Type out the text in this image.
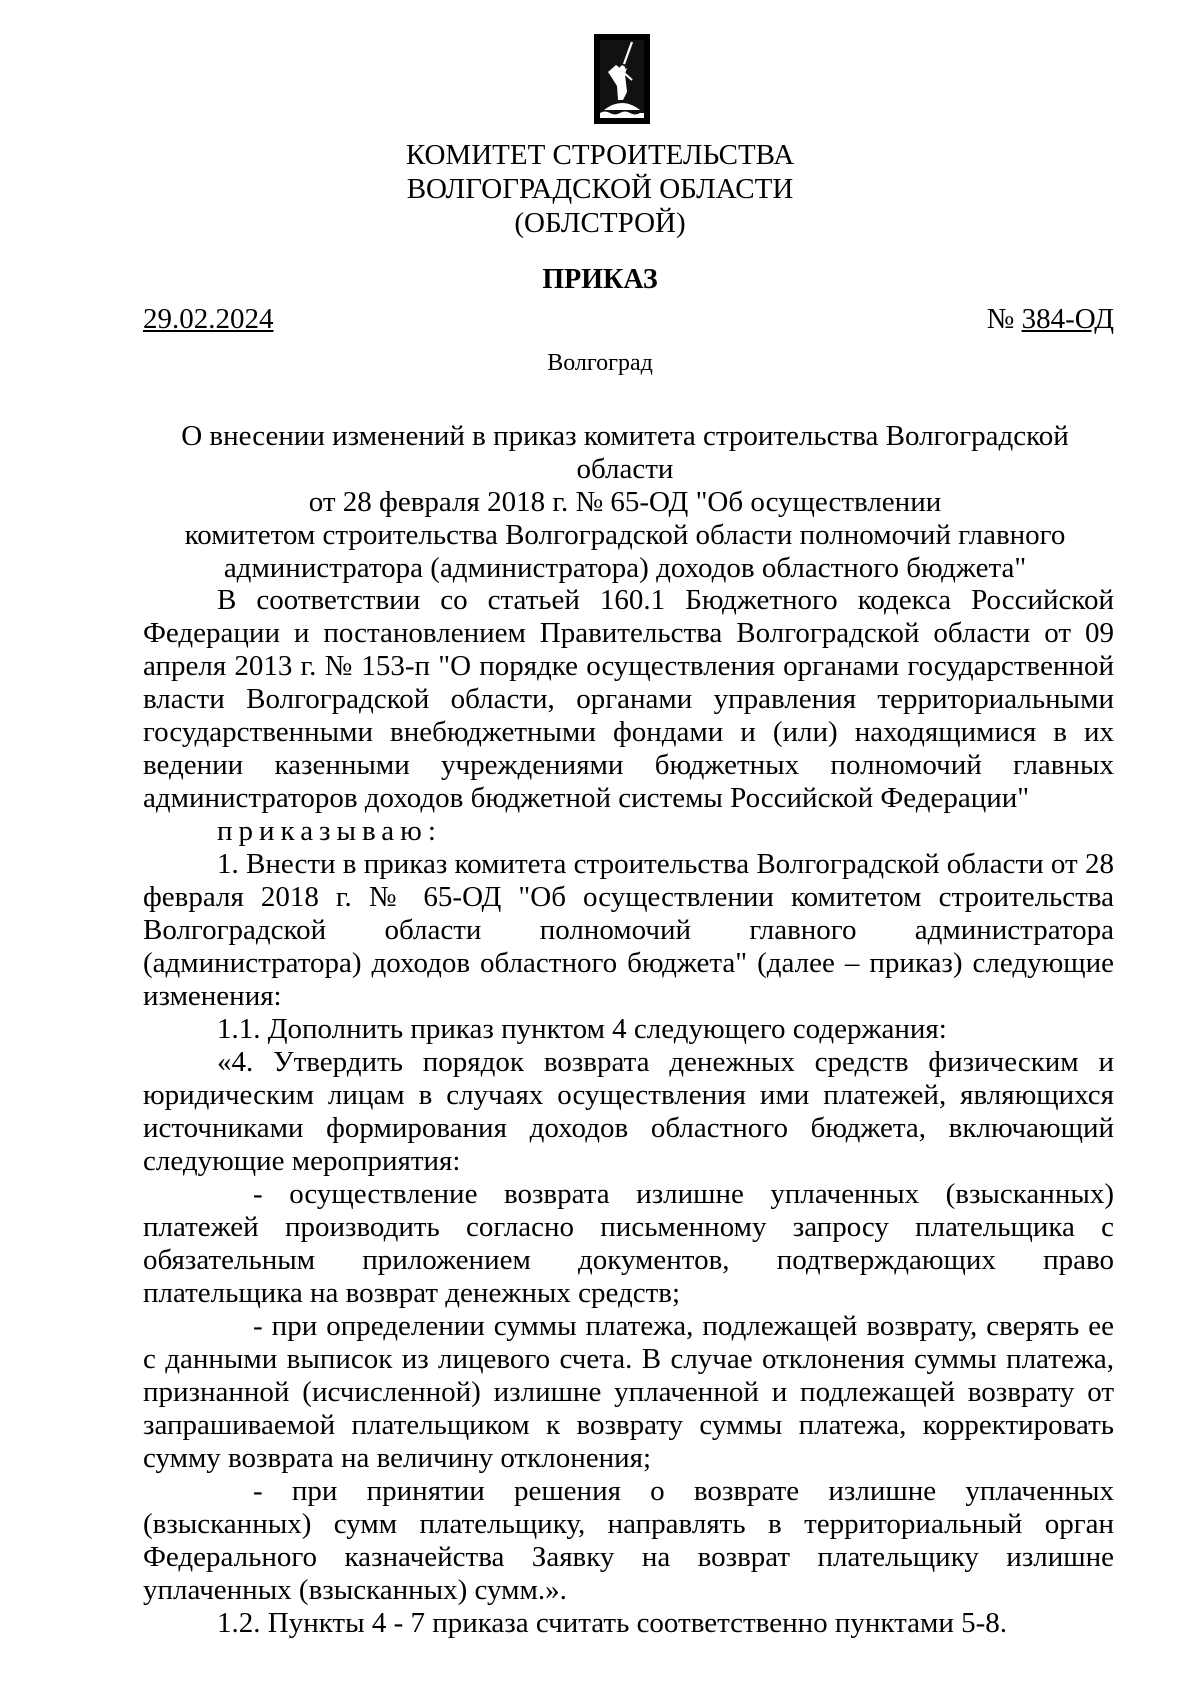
КОМИТЕТ СТРОИТЕЛЬСТВА
ВОЛГОГРАДСКОЙ ОБЛАСТИ
(ОБЛСТРОЙ)
ПРИКАЗ
29.02.2024	№ 384-ОД
Волгоград
О внесении изменений в приказ комитета строительства Волгоградской области
от 28 февраля 2018 г. № 65-ОД "Об осуществлении
комитетом строительства Волгоградской области полномочий главного
администратора (администратора) доходов областного бюджета"

В соответствии со статьей 160.1 Бюджетного кодекса Российской Федерации и постановлением Правительства Волгоградской области от 09 апреля 2013 г. № 153-п "О порядке осуществления органами государственной власти Волгоградской области, органами управления территориальными государственными внебюджетными фондами и (или) находящимися в их ведении казенными учреждениями бюджетных полномочий главных администраторов доходов бюджетной системы Российской Федерации"

приказываю:

1. Внести в приказ комитета строительства Волгоградской области от 28 февраля 2018 г. № 65-ОД "Об осуществлении комитетом строительства Волгоградской области полномочий главного администратора (администратора) доходов областного бюджета" (далее – приказ) следующие изменения:

1.1. Дополнить приказ пунктом 4 следующего содержания:

«4. Утвердить порядок возврата денежных средств физическим и юридическим лицам в случаях осуществления ими платежей, являющихся источниками формирования доходов областного бюджета, включающий следующие мероприятия:

- осуществление возврата излишне уплаченных (взысканных) платежей производить согласно письменному запросу плательщика с обязательным приложением документов, подтверждающих право плательщика на возврат денежных средств;

- при определении суммы платежа, подлежащей возврату, сверять ее с данными выписок из лицевого счета. В случае отклонения суммы платежа, признанной (исчисленной) излишне уплаченной и подлежащей возврату от запрашиваемой плательщиком к возврату суммы платежа, корректировать сумму возврата на величину отклонения;

- при принятии решения о возврате излишне уплаченных (взысканных) сумм плательщику, направлять в территориальный орган Федерального казначейства Заявку на возврат плательщику излишне уплаченных (взысканных) сумм.».

1.2. Пункты 4 - 7 приказа считать соответственно пунктами 5-8.
